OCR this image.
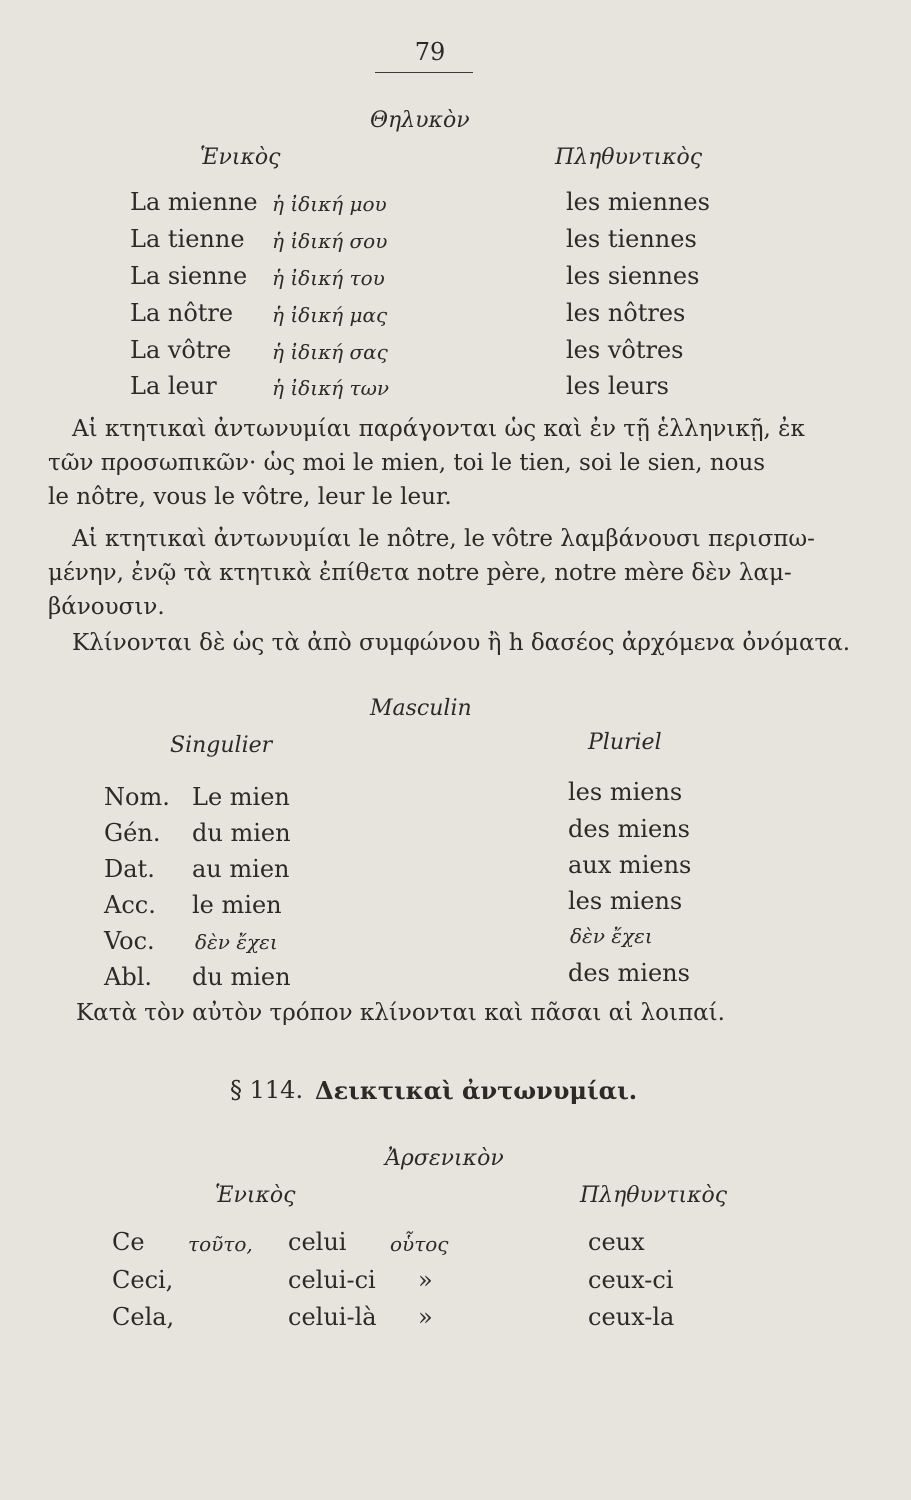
79
Θηλυκὸν
Ἑνικὸς	Πληθυντικὸς
La mienne ἡ ἰδική μου	les miennes
La tienne ἡ ἰδική σου	les tiennes
La sienne ἡ ἰδική του	les siennes
La nôtre ἡ ἰδική μας	les nôtres
La vôtre ἡ ἰδική σας	les vôtres
La leur	ἡ ἰδική των	les leurs
Αἱ κτητικαὶ ἀντωνυμίαι παράγονται ὡς καὶ ἐν τῇ ἑλληνικῇ, ἐκ
τῶν προσωπικῶν· ὡς moi le mien, toi le tien, soi le sien, nous
le nôtre, vous le vôtre, leur le leur.
Αἱ κτητικαὶ ἀντωνυμίαι le nôtre, le vôtre λαμβάνουσι περισπω-
μένην, ἐνῷ τὰ κτητικὰ ἐπίθετα notre père, notre mère δὲν λαμ-
βάνουσιν.
Κλίνονται δὲ ὡς τὰ ἀπὸ συμφώνου ἢ h δασέος ἀρχόμενα ὀνόματα.
Masculin
Singulier	Pluriel
Nom. Le mien	les miens
Gén. du mien	des miens
Dat. au mien	aux miens
Acc. le mien	les miens
Voc. δὲν ἔχει	δὲν ἔχει
Abl. du mien	des miens
Κατὰ τὸν αὐτὸν τρόπον κλίνονται καὶ πᾶσαι αἱ λοιπαί.
§ 114. Δεικτικαὶ ἀντωνυμίαι.
Ἀρσενικὸν
Ἑνικὸς	Πληθυντικὸς
Ce τοῦτο, celui οὗτος	ceux
Ceci,	celui-ci »	ceux-ci
Cela,	celui-là »	ceux-la
